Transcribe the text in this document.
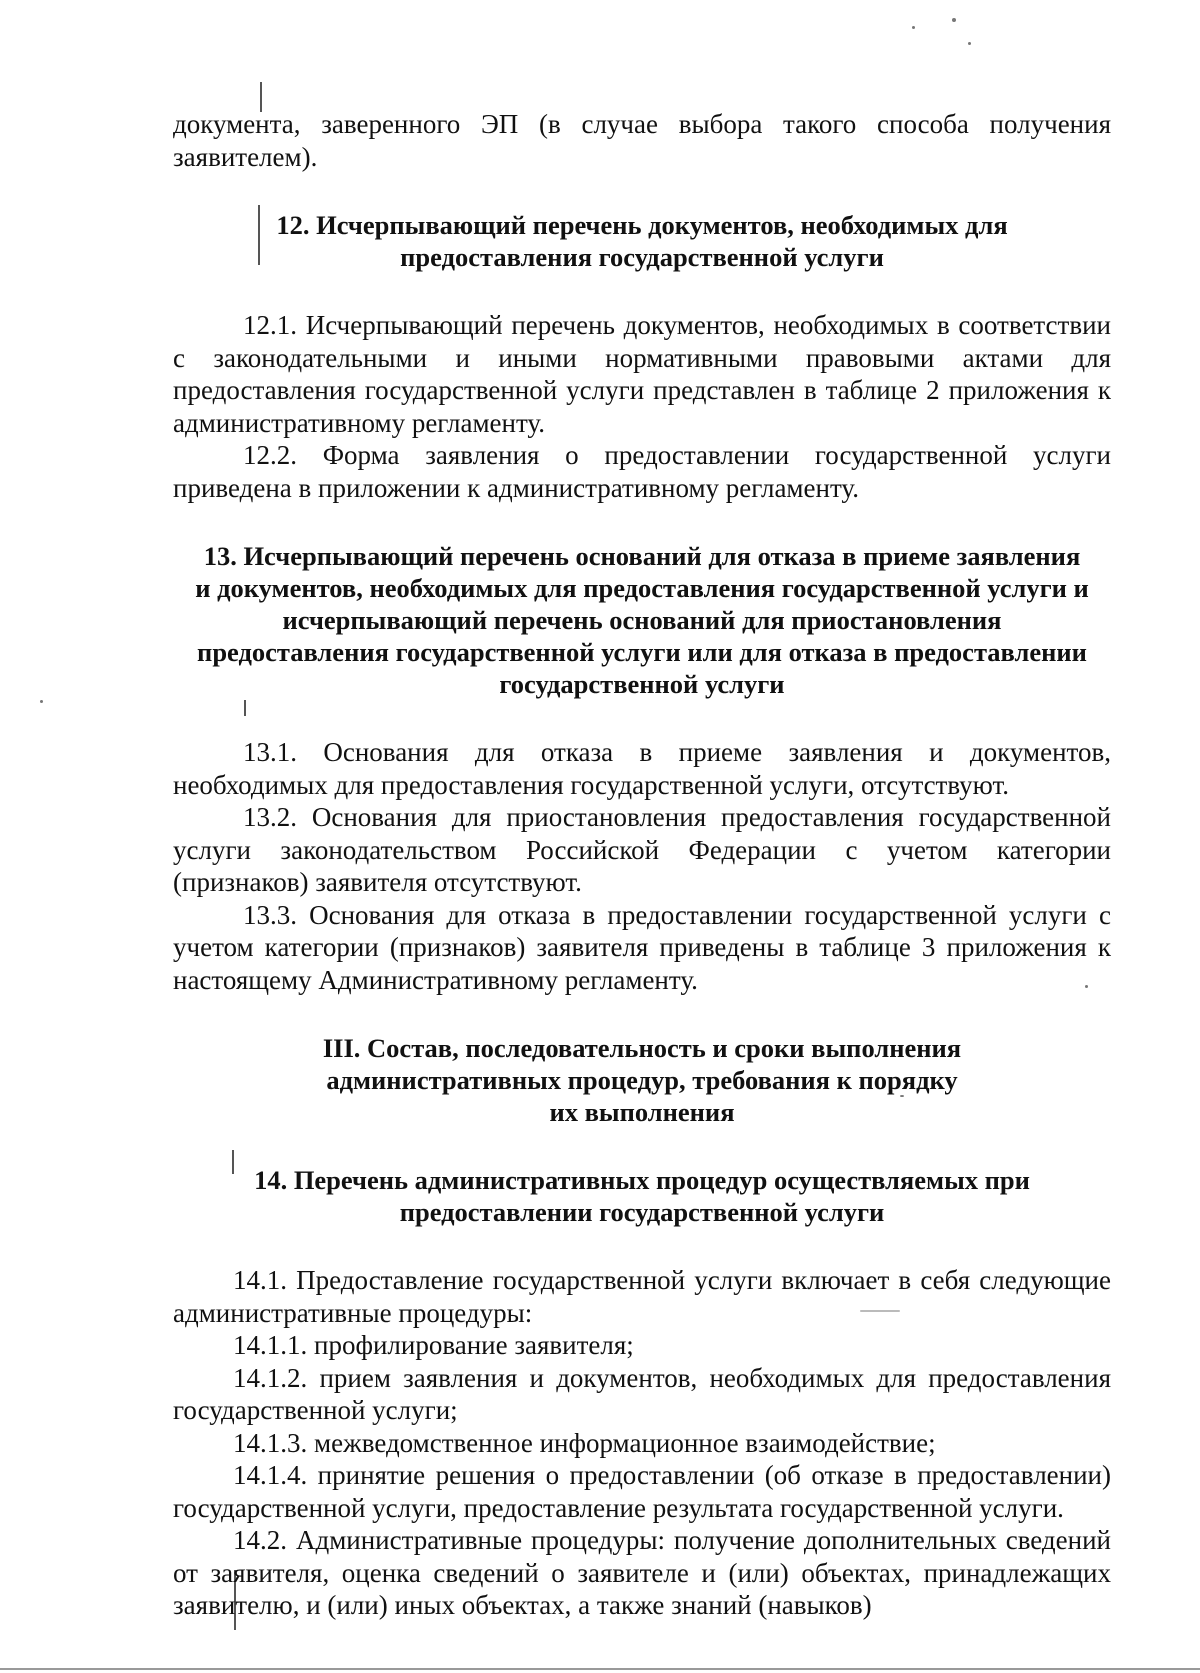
документа, заверенного ЭП (в случае выбора такого способа получения заявителем).

12. Исчерпывающий перечень документов, необходимых для предоставления государственной услуги

12.1. Исчерпывающий перечень документов, необходимых в соответствии с законодательными и иными нормативными правовыми актами для предоставления государственной услуги представлен в таблице 2 приложения к административному регламенту.

12.2. Форма заявления о предоставлении государственной услуги приведена в приложении к административному регламенту.

13. Исчерпывающий перечень оснований для отказа в приеме заявления и документов, необходимых для предоставления государственной услуги и исчерпывающий перечень оснований для приостановления предоставления государственной услуги или для отказа в предоставлении государственной услуги

13.1. Основания для отказа в приеме заявления и документов, необходимых для предоставления государственной услуги, отсутствуют.

13.2. Основания для приостановления предоставления государственной услуги законодательством Российской Федерации с учетом категории (признаков) заявителя отсутствуют.

13.3. Основания для отказа в предоставлении государственной услуги с учетом категории (признаков) заявителя приведены в таблице 3 приложения к настоящему Административному регламенту.

III. Состав, последовательность и сроки выполнения административных процедур, требования к порядку их выполнения

14. Перечень административных процедур осуществляемых при предоставлении государственной услуги

14.1. Предоставление государственной услуги включает в себя следующие административные процедуры:

14.1.1. профилирование заявителя;

14.1.2. прием заявления и документов, необходимых для предоставления государственной услуги;

14.1.3. межведомственное информационное взаимодействие;

14.1.4. принятие решения о предоставлении (об отказе в предоставлении) государственной услуги, предоставление результата государственной услуги.

14.2. Административные процедуры: получение дополнительных сведений от заявителя, оценка сведений о заявителе и (или) объектах, принадлежащих заявителю, и (или) иных объектах, а также знаний (навыков)
